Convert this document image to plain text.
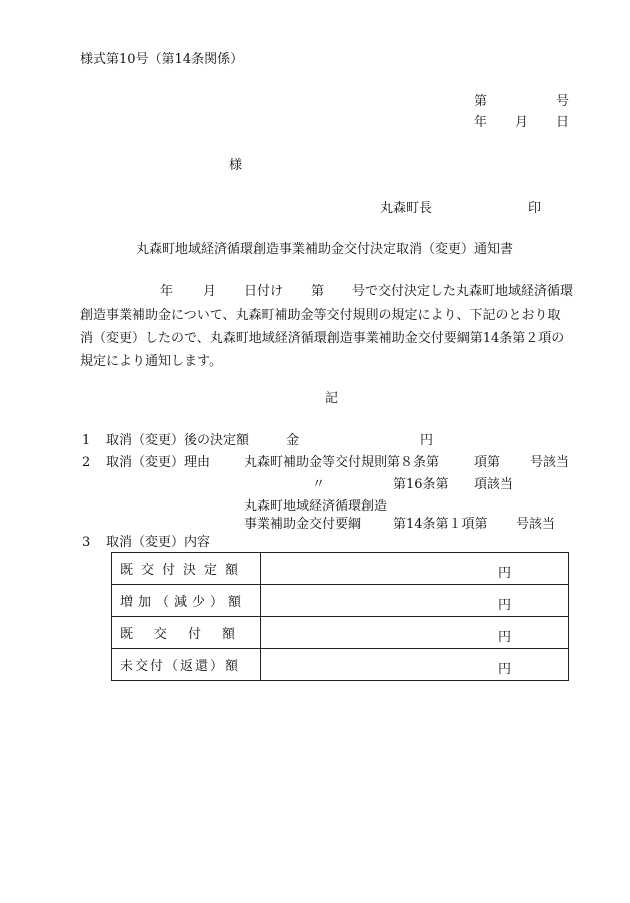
様式第10号（第14条関係）
第	号
年 月 日
様
丸森町長	印
丸森町地域経済循環創造事業補助金交付決定取消（変更）通知書
年 月 日付け 第 号で交付決定した丸森町地域経済循環
創造事業補助金について、丸森町補助金等交付規則の規定により、下記のとおり取
消（変更）したので、丸森町地域経済循環創造事業補助金交付要綱第14条第２項の
規定により通知します。
記
1 取消（変更）後の決定額	金	円
2 取消（変更）理由	丸森町補助金等交付規則第８条第	項第 号該当
〃	第16条第 項該当
丸森町地域経済循環創造
事業補助金交付要綱 第14条第１項第 号該当
3 取消（変更）内容
既交付決定額	円

増加（減少）額	円

既交付額	円

未交付（返還）額	円
